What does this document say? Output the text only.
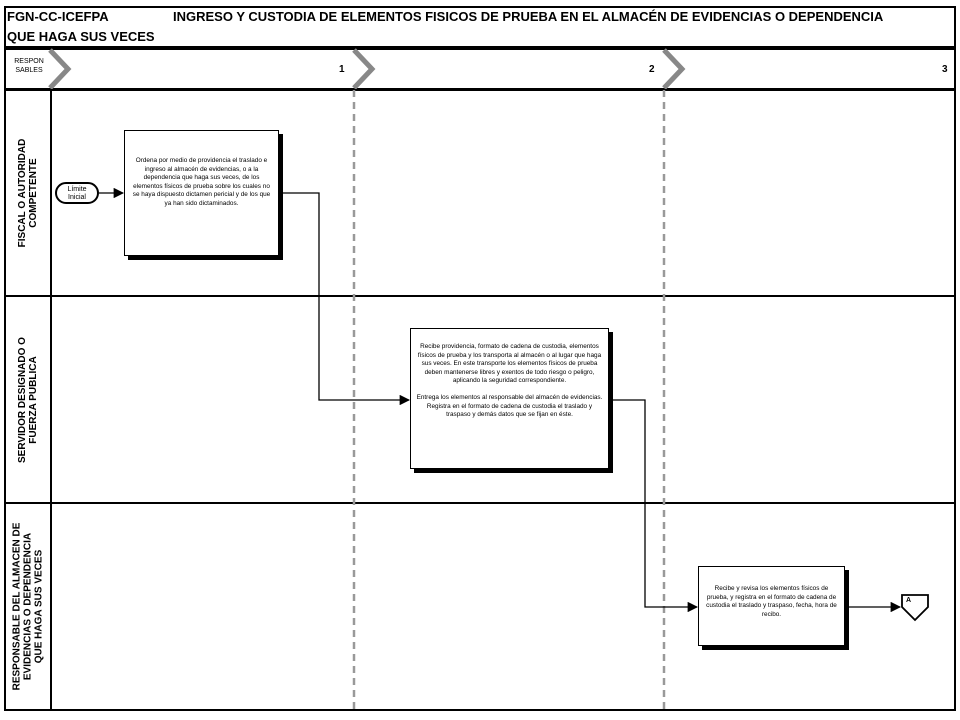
FGN-CC-ICEFPA
QUE HAGA SUS VECES
INGRESO Y CUSTODIA DE ELEMENTOS FISICOS DE PRUEBA EN EL ALMACÉN DE EVIDENCIAS O DEPENDENCIA
RESPON
SABLES	1	2	3
FISCAL O AUTORIDAD COMPETENTE
SERVIDOR DESIGNADO O FUERZA PUBLICA
RESPONSABLE DEL ALMACEN DE EVIDENCIAS O DEPENDENCIA QUE HAGA SUS VECES
Límite
Inicial
Ordena por medio de providencia el traslado e ingreso al almacén de evidencias, o a la dependencia que haga sus veces, de los elementos físicos de prueba sobre los cuales no se haya dispuesto dictamen pericial y de los que ya han sido dictaminados.

Recibe providencia, formato de cadena de custodia, elementos físicos de prueba y los transporta al almacén o al lugar que haga sus veces. En este transporte los elementos físicos de prueba deben mantenerse libres y exentos de todo riesgo o peligro, aplicando la seguridad correspondiente.

Entrega los elementos al responsable del almacén de evidencias. Registra en el formato de cadena de custodia el traslado y traspaso y demás datos que se fijan en éste.

Recibe y revisa los elementos físicos de prueba, y registra en el formato de cadena de custodia el traslado y traspaso, fecha, hora de recibo.
A
